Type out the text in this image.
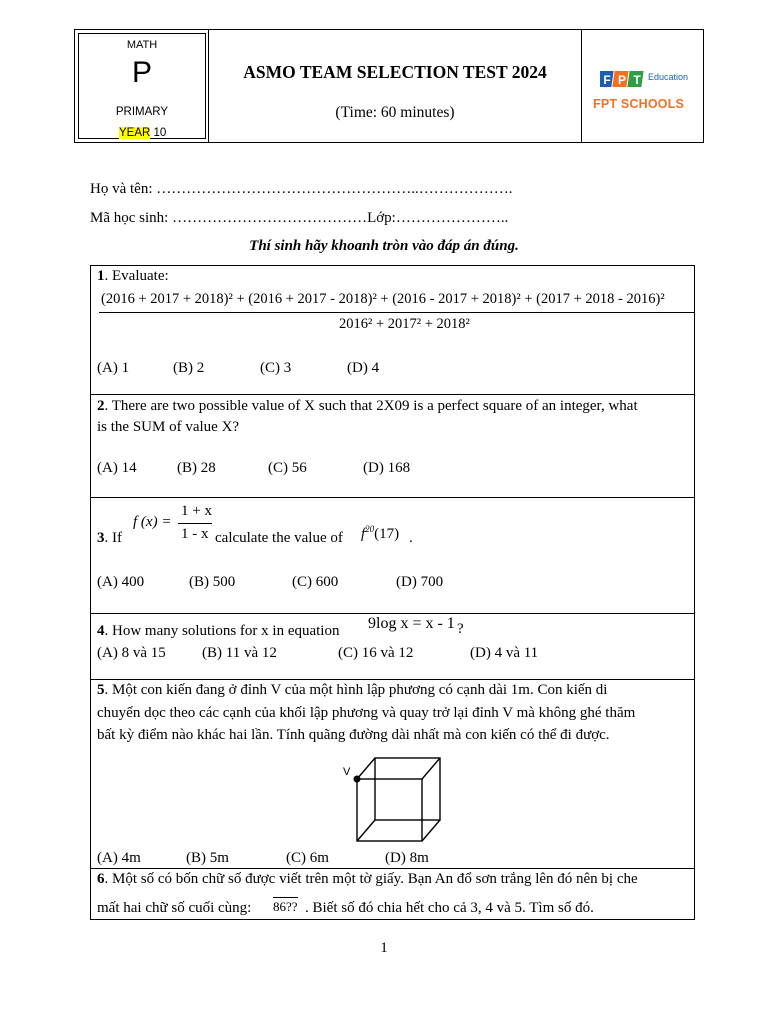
MATH
P
PRIMARY
YEAR 10
ASMO TEAM SELECTION TEST 2024
(Time: 60 minutes)
F P T Education
FPT SCHOOLS
Họ và tên: ……………………………………………..……………….
Mã học sinh: …………………………………Lớp:…………………..
Thí sinh hãy khoanh tròn vào đáp án đúng.
1. Evaluate:
(2016 + 2017 + 2018)² + (2016 + 2017 - 2018)² + (2016 - 2017 + 2018)² + (2017 + 2018 - 2016)²
2016² + 2017² + 2018²
(A) 1	(B) 2	(C) 3	(D) 4
2. There are two possible value of X such that 2X09 is a perfect square of an integer, what
is the SUM of value X?
(A) 14	(B) 28	(C) 56	(D) 168
3. If
f (x) =
1 + x
1 - x calculate the value of $f^{20}(17)$ .
(A) 400	(B) 500	(C) 600	(D) 700
4. How many solutions for x in equation 9log x = x - 1 ?
(A) 8 và 15 (B) 11 và 12	(C) 16 và 12	(D) 4 và 11
5. Một con kiến đang ở đỉnh V của một hình lập phương có cạnh dài 1m. Con kiến di
chuyển dọc theo các cạnh của khối lập phương và quay trở lại đỉnh V mà không ghé thăm
bất kỳ điểm nào khác hai lần. Tính quãng đường dài nhất mà con kiến có thể đi được.
V
(A) 4m	(B) 5m	(C) 6m	(D) 8m
6. Một số có bốn chữ số được viết trên một tờ giấy. Bạn An đổ sơn trắng lên đó nên bị che
mất hai chữ số cuối cùng: 86?? . Biết số đó chia hết cho cả 3, 4 và 5. Tìm số đó.
1
